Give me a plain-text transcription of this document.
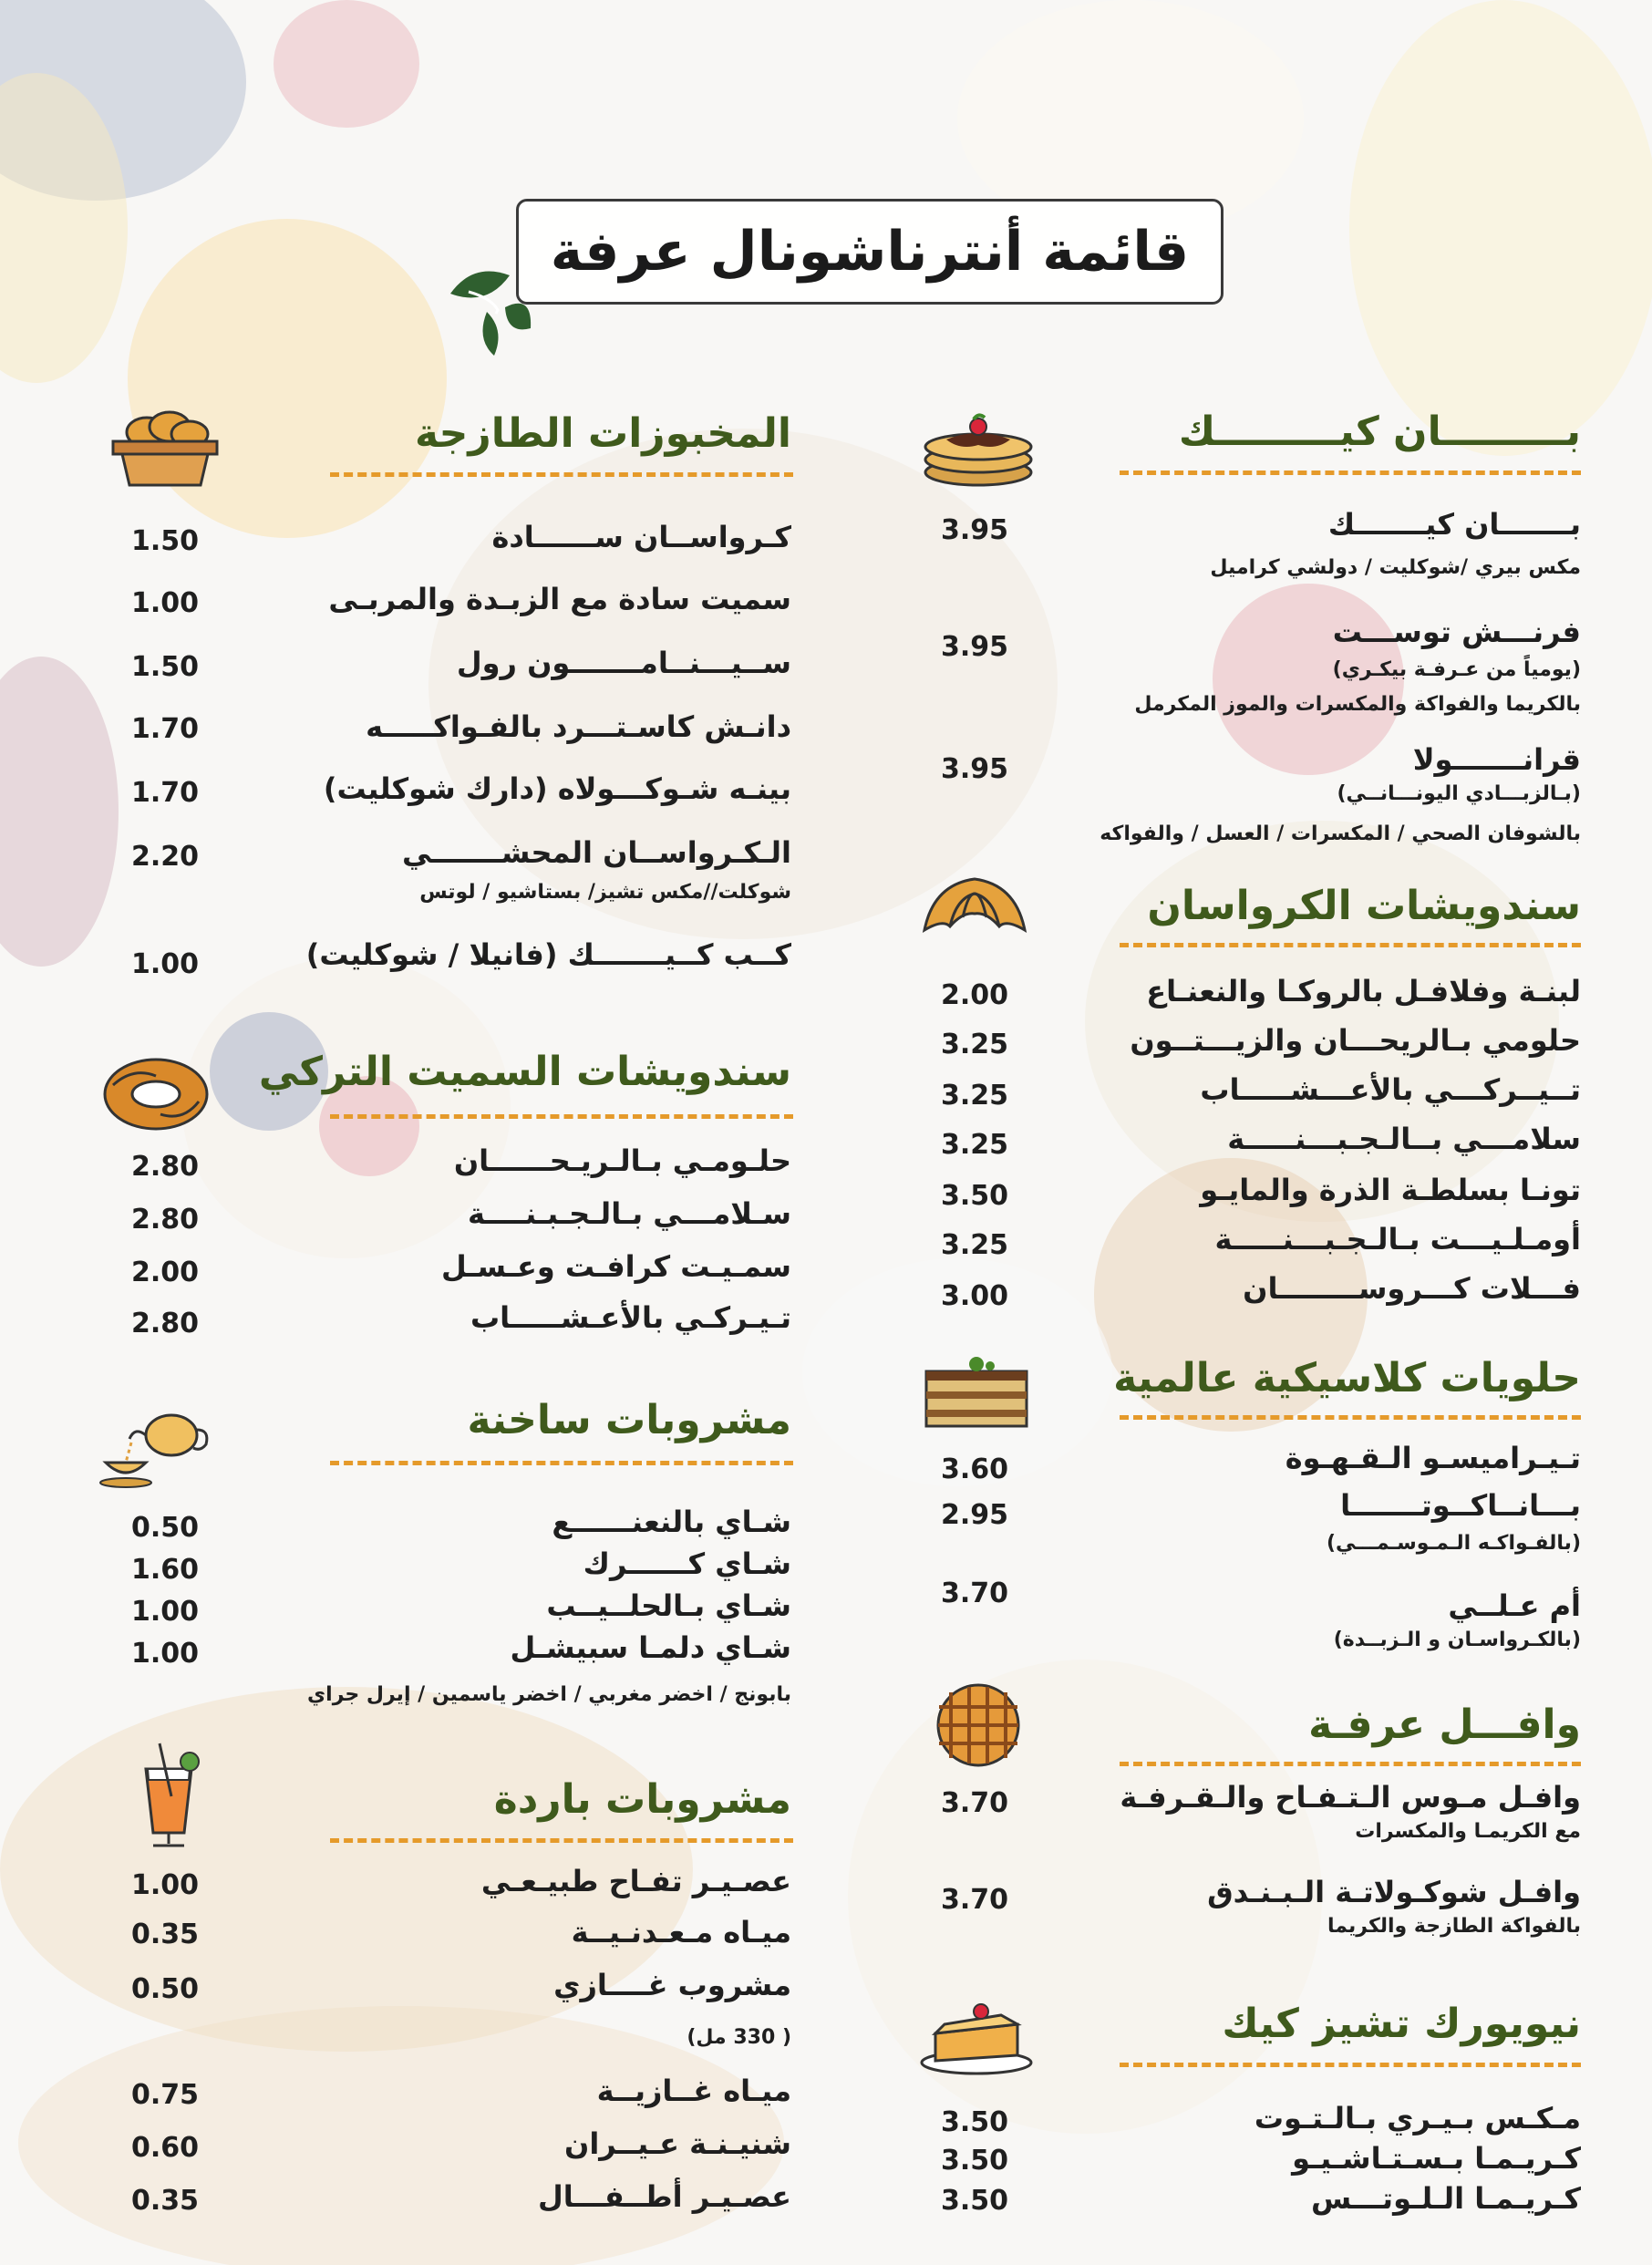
قائمة أنترناشونال عرفة
بـــــــــان كيـــــــــك
بـــــــان كيـــــــك
مكس بيري /شوكليت / دولشي كراميل
3.95
فرنـــش توســـت
(يومياً من عـرفـة بيكـري)
بالكريما والفواكة والمكسرات والموز المكرمل
3.95
قرانـــــــولا
(بـالزبـــادي اليونـــانــي)
بالشوفان الصحي / المكسرات / العسل / والفواكه
3.95
سندويشات الكرواسان
لبنـة وفلافـل بالروكـا والنعنـاع
2.00
حلومي بـالريحـــان والزيـــتــون
3.25
تــيــركـــي بالأعـــشـــــاب
3.25
سلامـــي بــالـجـبـــنـــــة
3.25
تونـا بسلطـة الذرة والمايـو
3.50
أومـلـيـــت بـالـجـبـــنـــــة
3.25
فـــلات كـــروســــــــان
3.00
حلويات كلاسيكية عالمية
تـيـراميسـو الـقـهـوة
3.60
بـــانــاكــوتـــــــا
(بالفـواكـه الـمـوسـمـــي)
2.95
أم عـلــي
(بالكـرواسـان و الـزبــدة)
3.70
وافـــل عرفـة
وافـل مـوس الـتـفـاح والـقـرفـة
مع الكريمـا والمكسرات
3.70
وافـل شوكـولاتـة الـبـنـدق
بالفواكة الطازجة والكريما
3.70
نيويورك تشيز كيك
مـكـس بـيـري بـالـتـوت
3.50
كـريـمـا بـسـتـاشـيـو
3.50
كـريـمـا الـلـوتـــس
3.50
المخبوزات الطازجة
كـرواســان ســــــادة
1.50
سميت سادة مع الزبـدة والمربـى
1.00
ســيـــنــامـــــــون رول
1.50
دانـش كاسـتـــرد بالفـواكـــــه
1.70
بينـه شـوكـــولاه (دارك شوكليت)
1.70
الـكـرواســان المحشـــــــي
شوكلت//مكس تشيز/ بستاشيو / لوتس
2.20
كــب كــيـــــــك (فانيلا / شوكليت)
1.00
سندويشات السميت التركي
حلـومـي بـالـريـحــــــان
2.80
سـلامـــي بـالـجـبـنــــة
2.80
سمـيـت كرافـت وعـسـل
2.00
تـيـركـي بالأعـشـــــاب
2.80
مشروبات ساخنة
شـاي بالنعنــــــع
0.50
شـاي كــــــرك
1.60
شـاي بـالحلــيــب
1.00
شـاي دلمـا سبيشـل
1.00
بابونج / اخضر مغربي / اخضر ياسمين / إيرل جراي
مشروبات باردة
عصـيـر تفـاح طبيـعـي
1.00
ميـاه مـعـدنـيــة
0.35
مشروب غــــازي
( 330 مل)
0.50
ميـاه غــازيــة
0.75
شنيـنـة عـيــران
0.60
عصـيـر أطــفـــال
0.35
